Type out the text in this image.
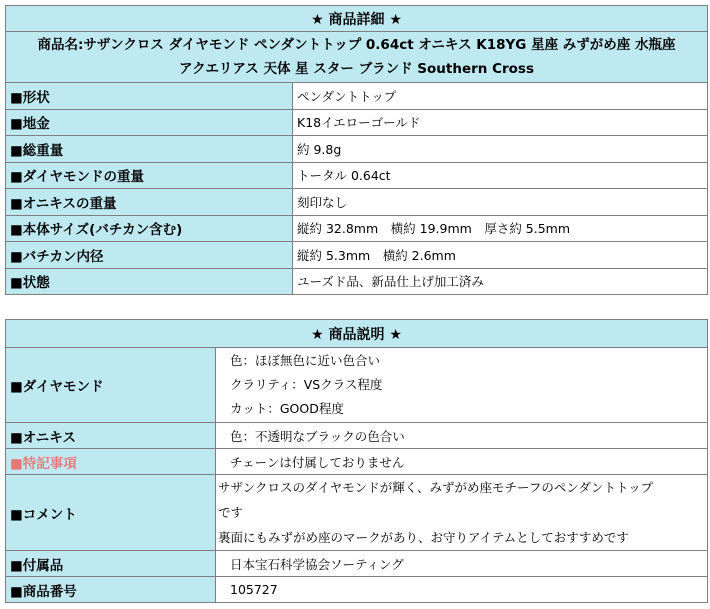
★ 商品詳細 ★	

商品名:サザンクロス ダイヤモンド ペンダントトップ 0.64ct オニキス K18YG 星座 みずがめ座 水瓶座
アクエリアス 天体 星 スター ブランド Southern Cross	

■形状	ペンダントトップ
■地金	K18イエローゴールド
■総重量	約 9.8g
■ダイヤモンドの重量	トータル 0.64ct
■オニキスの重量	刻印なし
■本体サイズ(バチカン含む)	縦約 32.8mm　横約 19.9mm　厚さ約 5.5mm
■バチカン内径	縦約 5.3mm　横約 2.6mm
■状態	ユーズド品、新品仕上げ加工済み
★ 商品説明 ★	
■ダイヤモンド	色：ほぼ無色に近い色合い
クラリティ：VSクラス程度
カット：GOOD程度

■オニキス	色：不透明なブラックの色合い
■特記事項	チェーンは付属しておりません
■コメント	サザンクロスのダイヤモンドが輝く、みずがめ座モチーフのペンダントトップ
です
裏面にもみずがめ座のマークがあり、お守りアイテムとしておすすめです

■付属品	日本宝石科学協会ソーティング
■商品番号	105727
